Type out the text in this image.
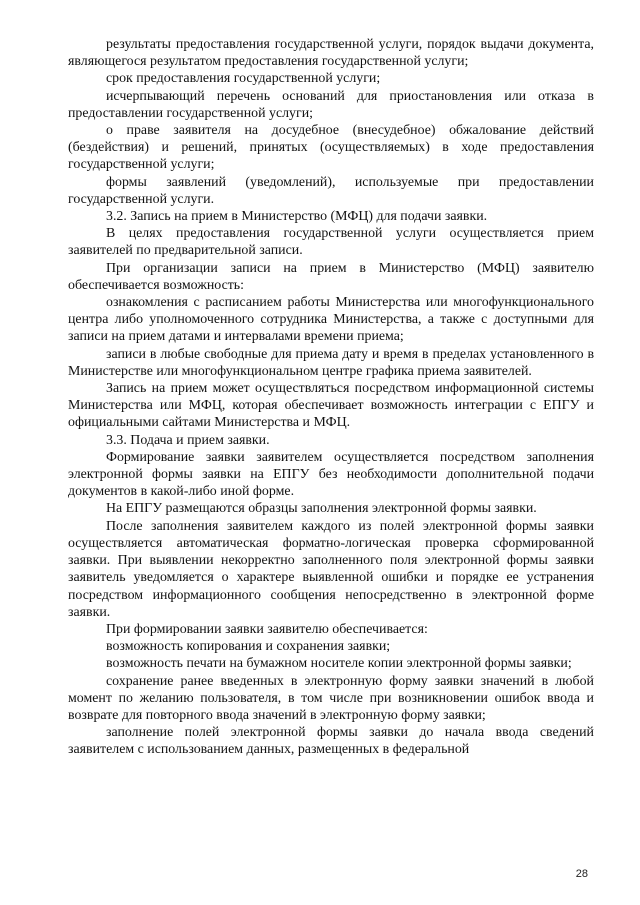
результаты предоставления государственной услуги, порядок выдачи документа, являющегося результатом предоставления государственной услуги;

срок предоставления государственной услуги;

исчерпывающий перечень оснований для приостановления или отказа в предоставлении государственной услуги;

о праве заявителя на досудебное (внесудебное) обжалование действий (бездействия) и решений, принятых (осуществляемых) в ходе предоставления государственной услуги;

формы заявлений (уведомлений), используемые при предоставлении государственной услуги.

3.2. Запись на прием в Министерство (МФЦ) для подачи заявки.

В целях предоставления государственной услуги осуществляется прием заявителей по предварительной записи.

При организации записи на прием в Министерство (МФЦ) заявителю обеспечивается возможность:

ознакомления с расписанием работы Министерства или многофункционального центра либо уполномоченного сотрудника Министерства, а также с доступными для записи на прием датами и интервалами времени приема;

записи в любые свободные для приема дату и время в пределах установленного в Министерстве или многофункциональном центре графика приема заявителей.

Запись на прием может осуществляться посредством информационной системы Министерства или МФЦ, которая обеспечивает возможность интеграции с ЕПГУ и официальными сайтами Министерства и МФЦ.

3.3. Подача и прием заявки.

Формирование заявки заявителем осуществляется посредством заполнения электронной формы заявки на ЕПГУ без необходимости дополнительной подачи документов в какой-либо иной форме.

На ЕПГУ размещаются образцы заполнения электронной формы заявки.

После заполнения заявителем каждого из полей электронной формы заявки осуществляется автоматическая форматно-логическая проверка сформированной заявки. При выявлении некорректно заполненного поля электронной формы заявки заявитель уведомляется о характере выявленной ошибки и порядке ее устранения посредством информационного сообщения непосредственно в электронной форме заявки.

При формировании заявки заявителю обеспечивается:

возможность копирования и сохранения заявки;

возможность печати на бумажном носителе копии электронной формы заявки;

сохранение ранее введенных в электронную форму заявки значений в любой момент по желанию пользователя, в том числе при возникновении ошибок ввода и возврате для повторного ввода значений в электронную форму заявки;

заполнение полей электронной формы заявки до начала ввода сведений заявителем с использованием данных, размещенных в федеральной

28
